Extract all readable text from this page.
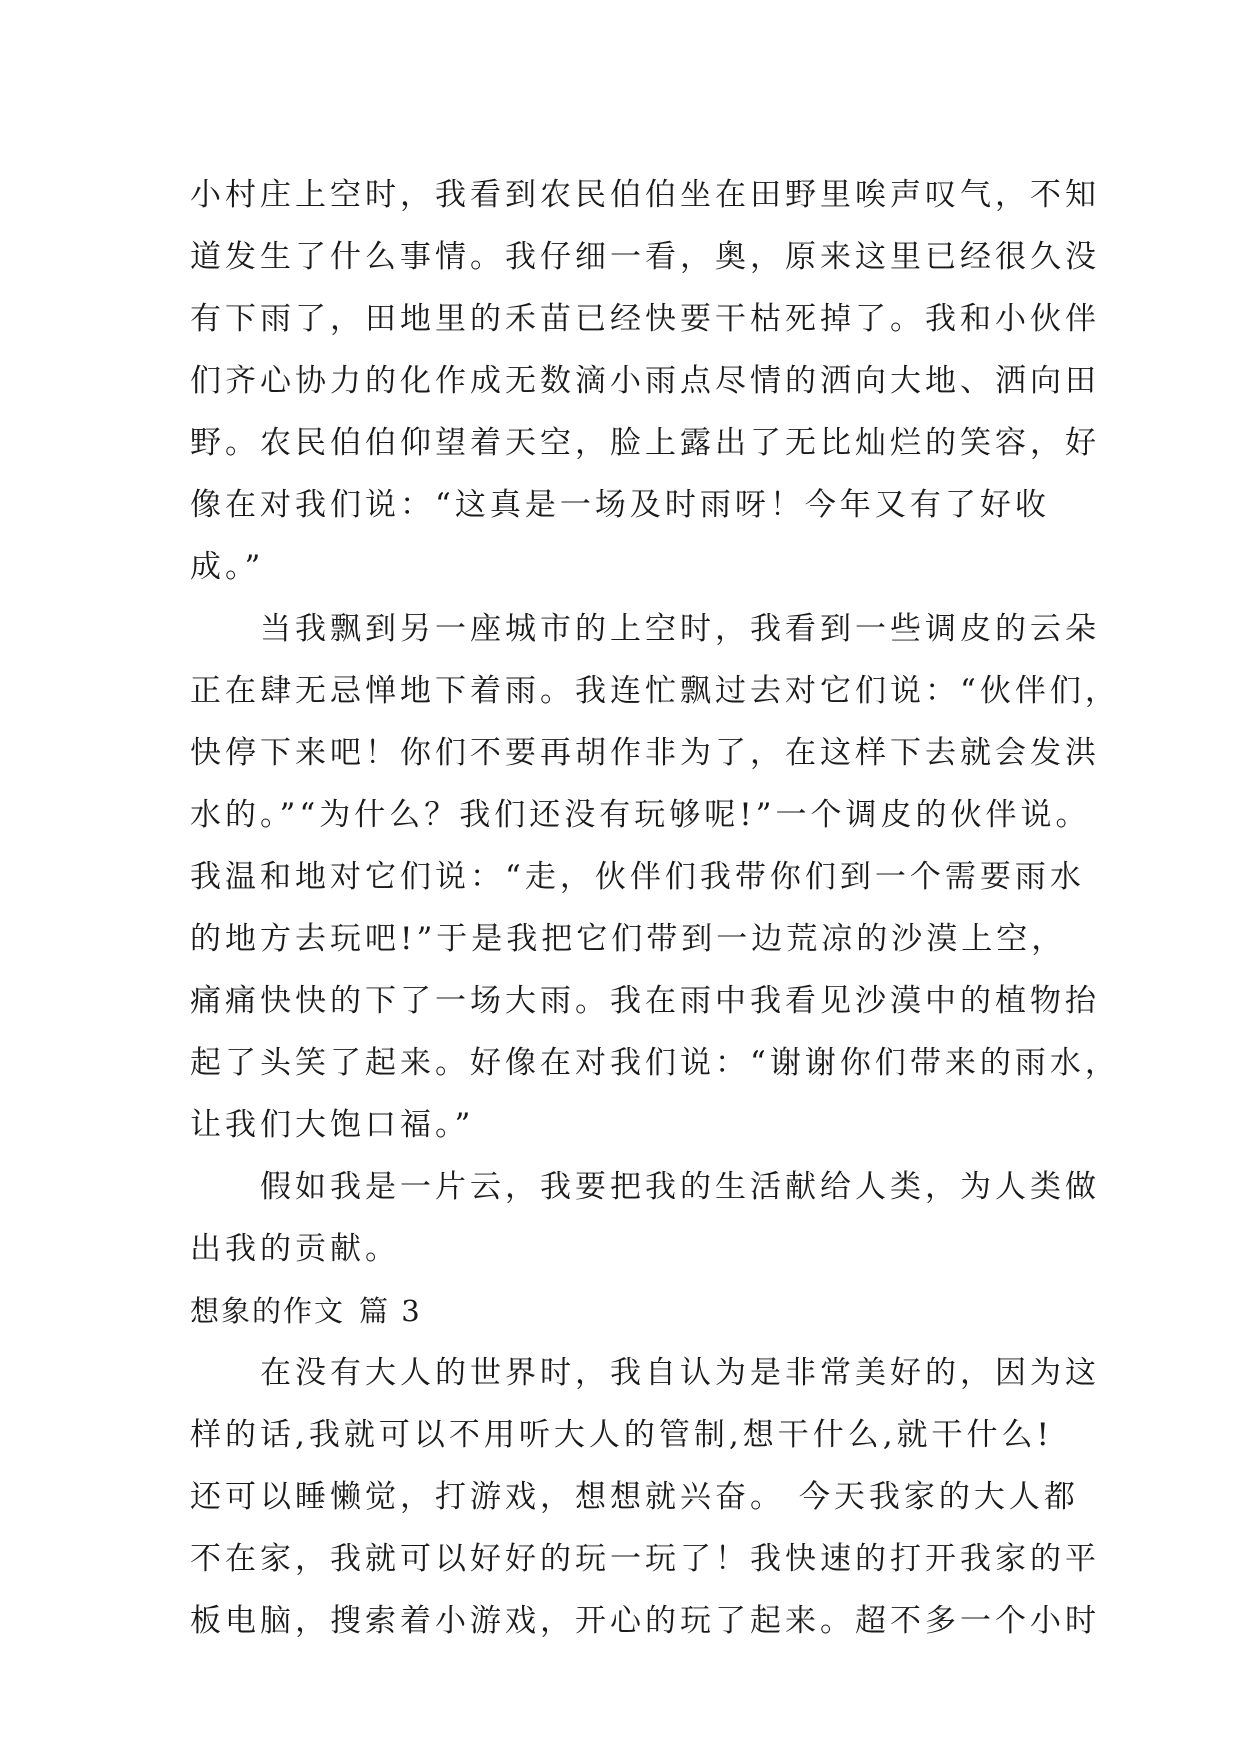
小村庄上空时，我看到农民伯伯坐在田野里唉声叹气，不知
道发生了什么事情。我仔细一看，奥，原来这里已经很久没
有下雨了，田地里的禾苗已经快要干枯死掉了。我和小伙伴
们齐心协力的化作成无数滴小雨点尽情的洒向大地、洒向田
野。农民伯伯仰望着天空，脸上露出了无比灿烂的笑容，好
像在对我们说：“这真是一场及时雨呀！今年又有了好收
成。”
当我飘到另一座城市的上空时，我看到一些调皮的云朵
正在肆无忌惮地下着雨。我连忙飘过去对它们说：“伙伴们，
快停下来吧！你们不要再胡作非为了，在这样下去就会发洪
水的。”“为什么？我们还没有玩够呢!”一个调皮的伙伴说。
我温和地对它们说：“走，伙伴们我带你们到一个需要雨水
的地方去玩吧!”于是我把它们带到一边荒凉的沙漠上空，
痛痛快快的下了一场大雨。我在雨中我看见沙漠中的植物抬
起了头笑了起来。好像在对我们说：“谢谢你们带来的雨水，
让我们大饱口福。”
假如我是一片云，我要把我的生活献给人类，为人类做
出我的贡献。
想象的作文 篇 3
在没有大人的世界时，我自认为是非常美好的，因为这
样的话,我就可以不用听大人的管制,想干什么,就干什么!
还可以睡懒觉，打游戏，想想就兴奋。 今天我家的大人都
不在家，我就可以好好的玩一玩了！我快速的打开我家的平
板电脑，搜索着小游戏，开心的玩了起来。超不多一个小时
